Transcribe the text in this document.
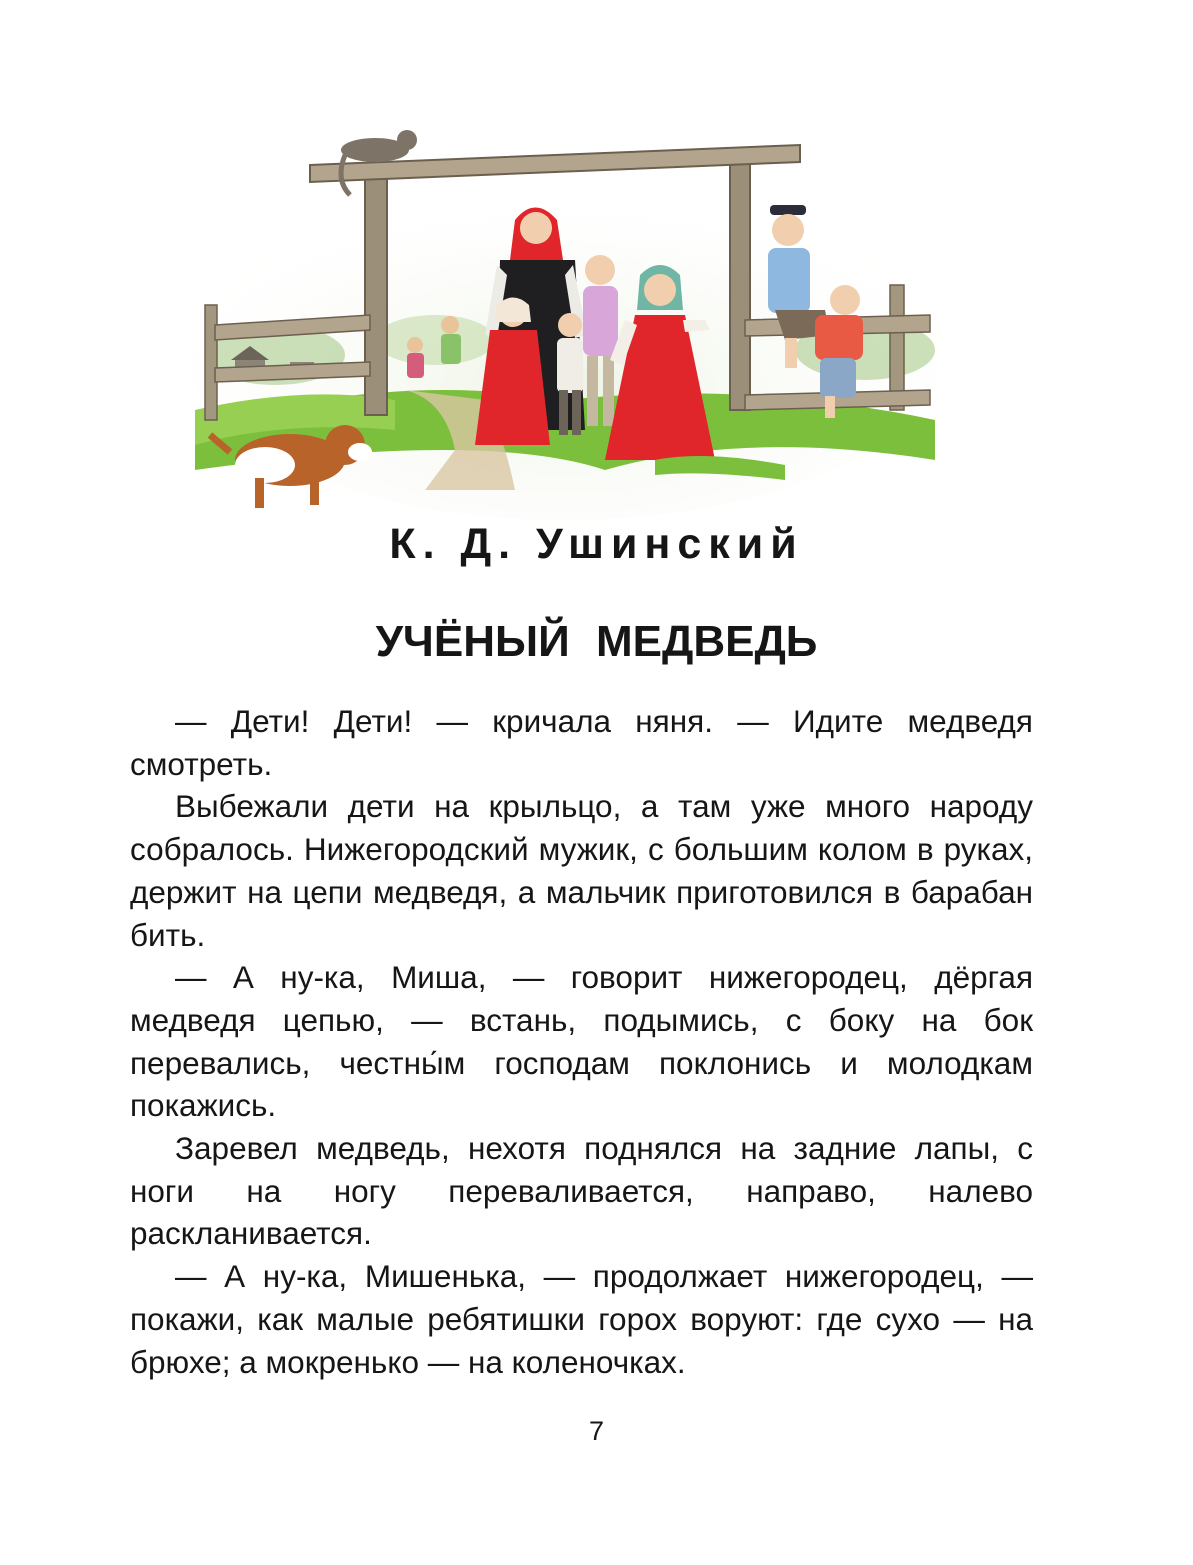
К. Д. Ушинский
УЧЁНЫЙ МЕДВЕДЬ

— Дети! Дети! — кричала няня. — Идите медведя смотреть.

Выбежали дети на крыльцо, а там уже много народу собралось. Нижегородский мужик, с большим колом в руках, держит на цепи медведя, а мальчик приготовился в барабан бить.

— А ну-ка, Миша, — говорит нижегородец, дёргая медведя цепью, — встань, подымись, с боку на бок перевались, честны́м господам поклонись и молодкам покажись.

Заревел медведь, нехотя поднялся на задние лапы, с ноги на ногу переваливается, направо, налево раскланивается.

— А ну-ка, Мишенька, — продолжает нижегородец, — покажи, как малые ребятишки горох воруют: где сухо — на брюхе; а мокренько — на коленочках.

7
